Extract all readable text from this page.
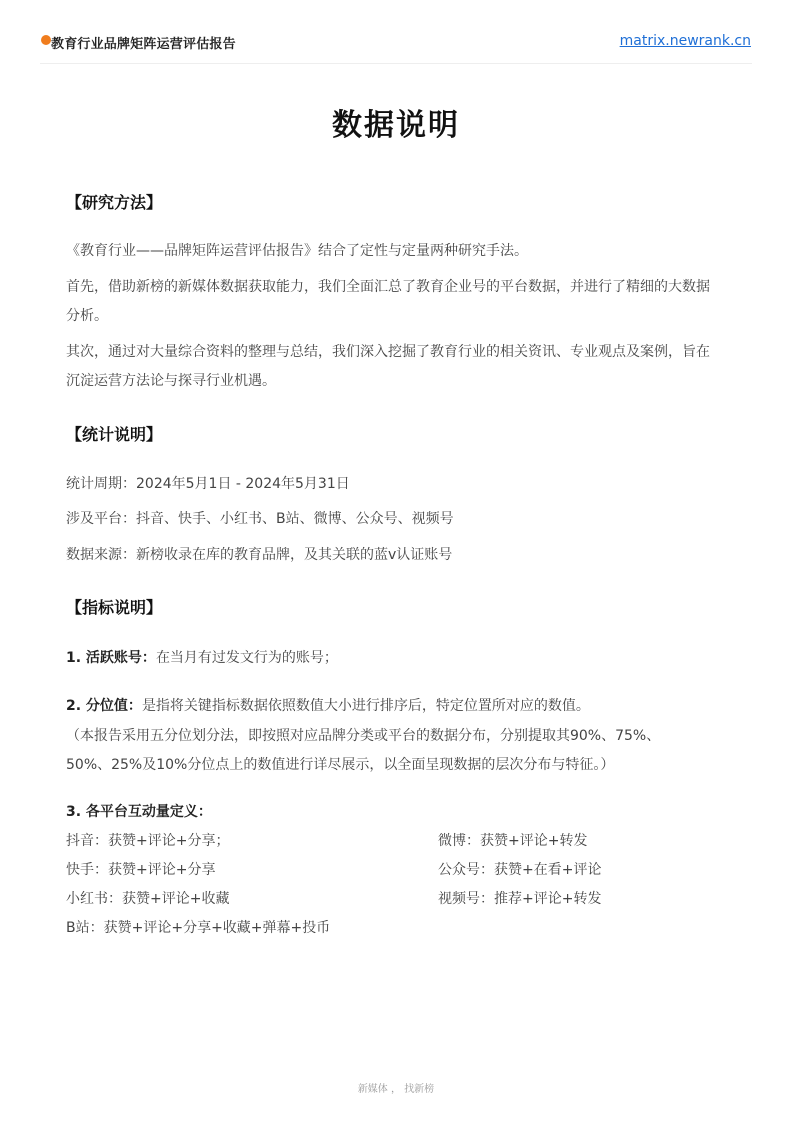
教育行业品牌矩阵运营评估报告	matrix.newrank.cn
数据说明
【研究方法】
《教育行业——品牌矩阵运营评估报告》结合了定性与定量两种研究手法。
首先，借助新榜的新媒体数据获取能力，我们全面汇总了教育企业号的平台数据，并进行了精细的大数据分析。
其次，通过对大量综合资料的整理与总结，我们深入挖掘了教育行业的相关资讯、专业观点及案例，旨在沉淀运营方法论与探寻行业机遇。
【统计说明】
统计周期：2024年5月1日 - 2024年5月31日
涉及平台：抖音、快手、小红书、B站、微博、公众号、视频号
数据来源：新榜收录在库的教育品牌，及其关联的蓝v认证账号
【指标说明】
1. 活跃账号：在当月有过发文行为的账号；
2. 分位值：是指将关键指标数据依照数值大小进行排序后，特定位置所对应的数值。
（本报告采用五分位划分法，即按照对应品牌分类或平台的数据分布，分别提取其90%、75%、
50%、25%及10%分位点上的数值进行详尽展示，以全面呈现数据的层次分布与特征。）
3. 各平台互动量定义：
抖音：获赞+评论+分享；
快手：获赞+评论+分享
小红书：获赞+评论+收藏
B站：获赞+评论+分享+收藏+弹幕+投币
微博：获赞+评论+转发
公众号：获赞+在看+评论
视频号：推荐+评论+转发
新媒体 ， 找新榜
